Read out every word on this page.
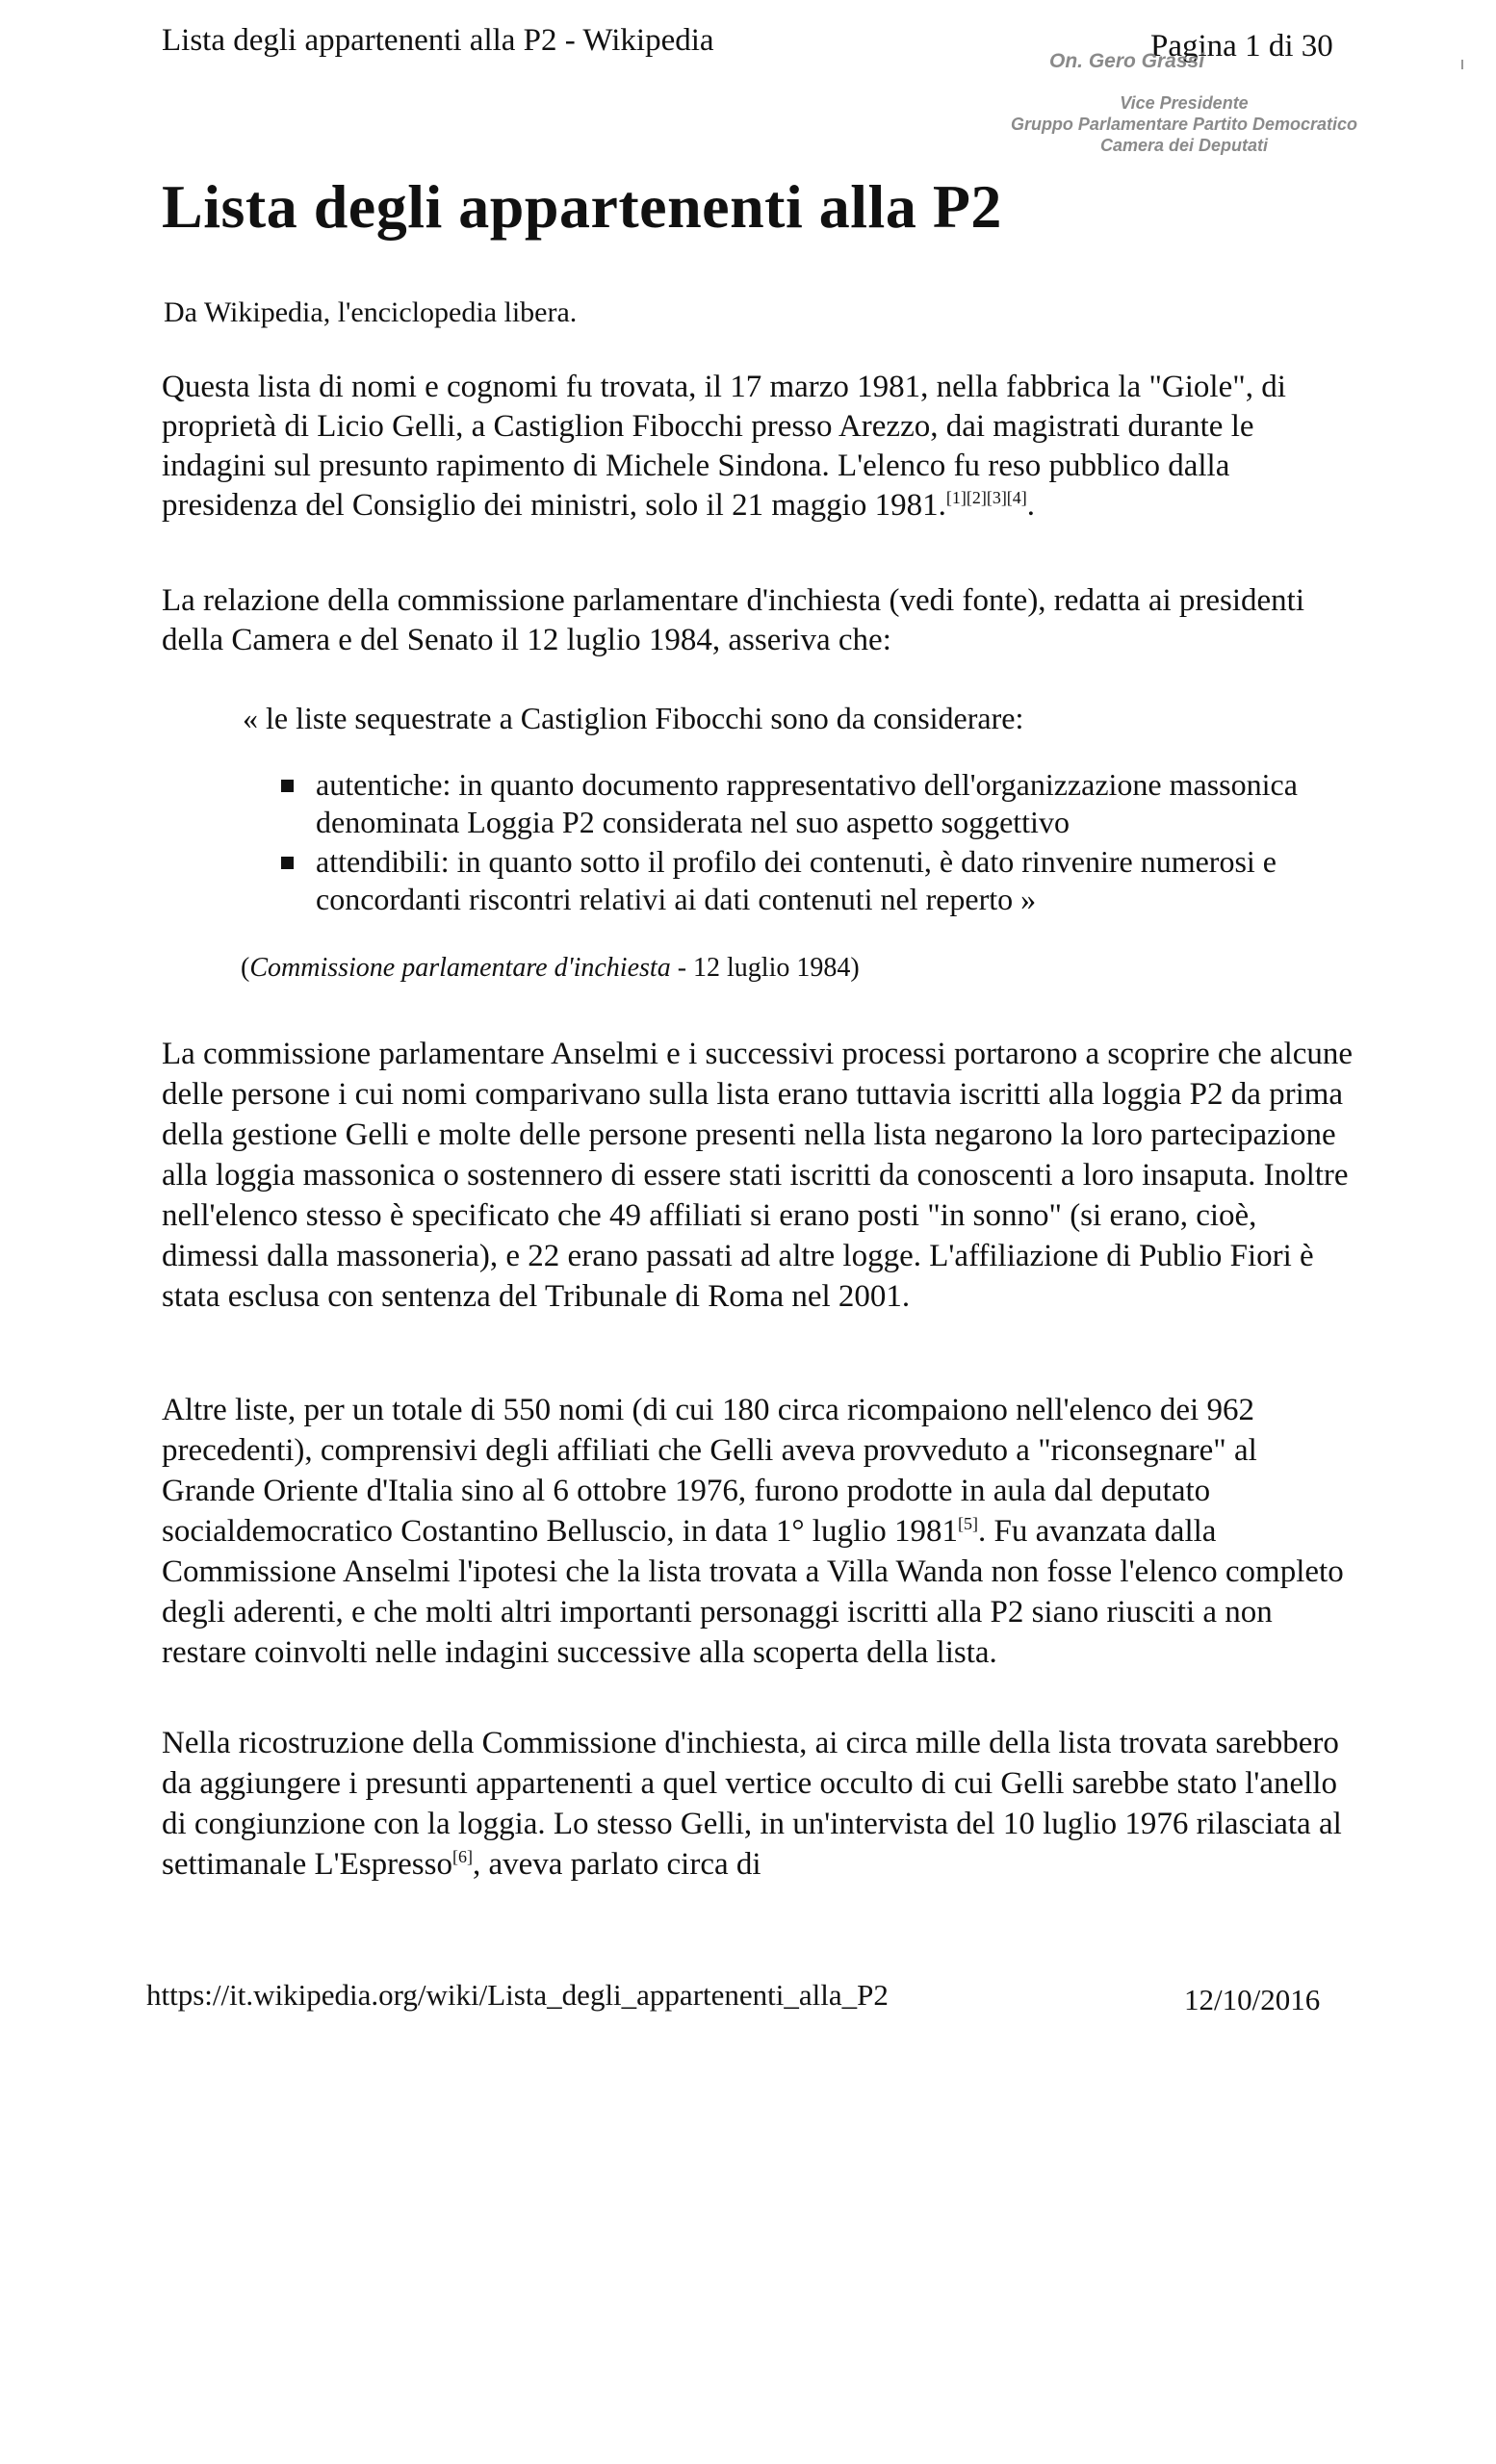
Lista degli appartenenti alla P2 - Wikipedia	Pagina 1 di 30
On. Gero Grassi
Vice Presidente
Gruppo Parlamentare Partito Democratico
Camera dei Deputati
Lista degli appartenenti alla P2
Da Wikipedia, l'enciclopedia libera.

Questa lista di nomi e cognomi fu trovata, il 17 marzo 1981, nella fabbrica la "Giole", di proprietà di Licio Gelli, a Castiglion Fibocchi presso Arezzo, dai magistrati durante le indagini sul presunto rapimento di Michele Sindona. L'elenco fu reso pubblico dalla presidenza del Consiglio dei ministri, solo il 21 maggio 1981.[1][2][3][4].

La relazione della commissione parlamentare d'inchiesta (vedi fonte), redatta ai presidenti della Camera e del Senato il 12 luglio 1984, asseriva che:

« le liste sequestrate a Castiglion Fibocchi sono da considerare:
autentiche: in quanto documento rappresentativo dell'organizzazione massonica denominata Loggia P2 considerata nel suo aspetto soggettivo
attendibili: in quanto sotto il profilo dei contenuti, è dato rinvenire numerosi e concordanti riscontri relativi ai dati contenuti nel reperto »
(Commissione parlamentare d'inchiesta - 12 luglio 1984)

La commissione parlamentare Anselmi e i successivi processi portarono a scoprire che alcune delle persone i cui nomi comparivano sulla lista erano tuttavia iscritti alla loggia P2 da prima della gestione Gelli e molte delle persone presenti nella lista negarono la loro partecipazione alla loggia massonica o sostennero di essere stati iscritti da conoscenti a loro insaputa. Inoltre nell'elenco stesso è specificato che 49 affiliati si erano posti "in sonno" (si erano, cioè, dimessi dalla massoneria), e 22 erano passati ad altre logge. L'affiliazione di Publio Fiori è stata esclusa con sentenza del Tribunale di Roma nel 2001.

Altre liste, per un totale di 550 nomi (di cui 180 circa ricompaiono nell'elenco dei 962 precedenti), comprensivi degli affiliati che Gelli aveva provveduto a "riconsegnare" al Grande Oriente d'Italia sino al 6 ottobre 1976, furono prodotte in aula dal deputato socialdemocratico Costantino Belluscio, in data 1° luglio 1981[5]. Fu avanzata dalla Commissione Anselmi l'ipotesi che la lista trovata a Villa Wanda non fosse l'elenco completo degli aderenti, e che molti altri importanti personaggi iscritti alla P2 siano riusciti a non restare coinvolti nelle indagini successive alla scoperta della lista.

Nella ricostruzione della Commissione d'inchiesta, ai circa mille della lista trovata sarebbero da aggiungere i presunti appartenenti a quel vertice occulto di cui Gelli sarebbe stato l'anello di congiunzione con la loggia. Lo stesso Gelli, in un'intervista del 10 luglio 1976 rilasciata al settimanale L'Espresso[6], aveva parlato circa di

https://it.wikipedia.org/wiki/Lista_degli_appartenenti_alla_P2	12/10/2016
